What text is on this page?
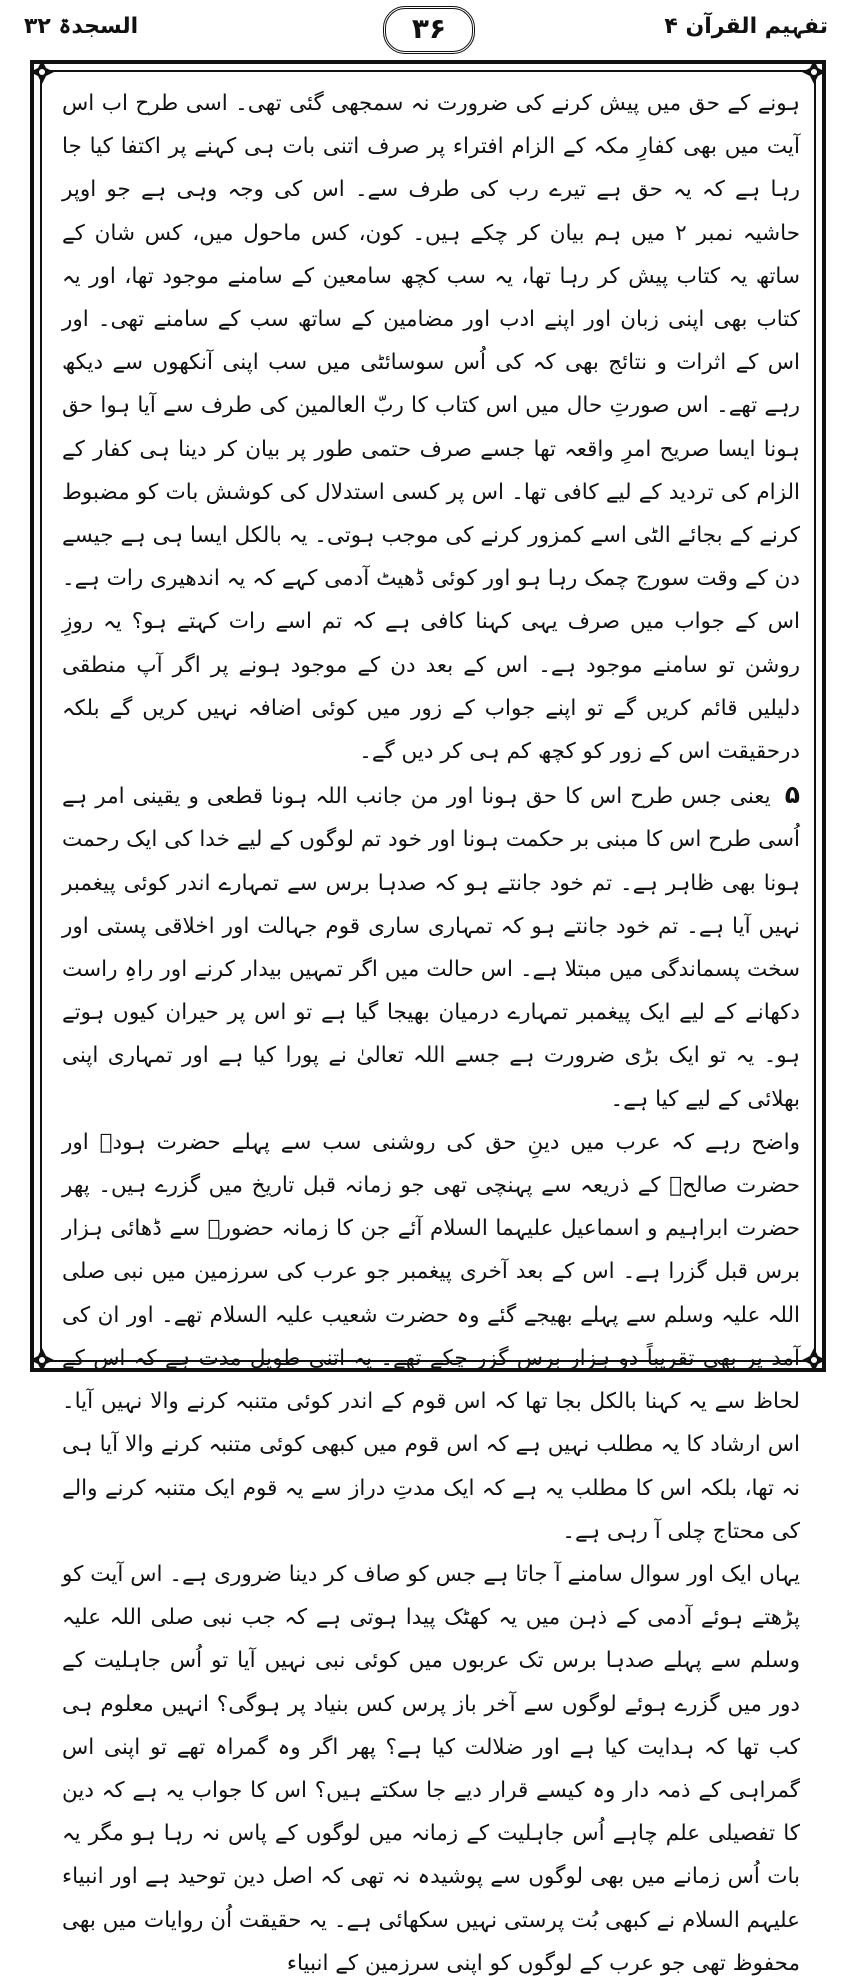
السجدۃ ۳۲	۳۶	تفہیم القرآن ۴

ہونے کے حق میں پیش کرنے کی ضرورت نہ سمجھی گئی تھی۔ اسی طرح اب اس آیت میں بھی کفارِ مکہ کے الزام افتراء پر صرف اتنی بات ہی کہنے پر اکتفا کیا جا رہا ہے کہ یہ حق ہے تیرے رب کی طرف سے۔ اس کی وجہ وہی ہے جو اوپر حاشیہ نمبر ۲ میں ہم بیان کر چکے ہیں۔ کون، کس ماحول میں، کس شان کے ساتھ یہ کتاب پیش کر رہا تھا، یہ سب کچھ سامعین کے سامنے موجود تھا، اور یہ کتاب بھی اپنی زبان اور اپنے ادب اور مضامین کے ساتھ سب کے سامنے تھی۔ اور اس کے اثرات و نتائج بھی کہ کی اُس سوسائٹی میں سب اپنی آنکھوں سے دیکھ رہے تھے۔ اس صورتِ حال میں اس کتاب کا ربّ العالمین کی طرف سے آیا ہوا حق ہونا ایسا صریح امرِ واقعہ تھا جسے صرف حتمی طور پر بیان کر دینا ہی کفار کے الزام کی تردید کے لیے کافی تھا۔ اس پر کسی استدلال کی کوشش بات کو مضبوط کرنے کے بجائے الٹی اسے کمزور کرنے کی موجب ہوتی۔ یہ بالکل ایسا ہی ہے جیسے دن کے وقت سورج چمک رہا ہو اور کوئی ڈھیٹ آدمی کہے کہ یہ اندھیری رات ہے۔ اس کے جواب میں صرف یہی کہنا کافی ہے کہ تم اسے رات کہتے ہو؟ یہ روزِ روشن تو سامنے موجود ہے۔ اس کے بعد دن کے موجود ہونے پر اگر آپ منطقی دلیلیں قائم کریں گے تو اپنے جواب کے زور میں کوئی اضافہ نہیں کریں گے بلکہ درحقیقت اس کے زور کو کچھ کم ہی کر دیں گے۔

۵ یعنی جس طرح اس کا حق ہونا اور من جانب اللہ ہونا قطعی و یقینی امر ہے اُسی طرح اس کا مبنی بر حکمت ہونا اور خود تم لوگوں کے لیے خدا کی ایک رحمت ہونا بھی ظاہر ہے۔ تم خود جانتے ہو کہ صدہا برس سے تمہارے اندر کوئی پیغمبر نہیں آیا ہے۔ تم خود جانتے ہو کہ تمہاری ساری قوم جہالت اور اخلاقی پستی اور سخت پسماندگی میں مبتلا ہے۔ اس حالت میں اگر تمہیں بیدار کرنے اور راہِ راست دکھانے کے لیے ایک پیغمبر تمہارے درمیان بھیجا گیا ہے تو اس پر حیران کیوں ہوتے ہو۔ یہ تو ایک بڑی ضرورت ہے جسے اللہ تعالیٰ نے پورا کیا ہے اور تمہاری اپنی بھلائی کے لیے کیا ہے۔

واضح رہے کہ عرب میں دینِ حق کی روشنی سب سے پہلے حضرت ہودؑ اور حضرت صالحؑ کے ذریعہ سے پہنچی تھی جو زمانہ قبل تاریخ میں گزرے ہیں۔ پھر حضرت ابراہیم و اسماعیل علیہما السلام آئے جن کا زمانہ حضورؐ سے ڈھائی ہزار برس قبل گزرا ہے۔ اس کے بعد آخری پیغمبر جو عرب کی سرزمین میں نبی صلی اللہ علیہ وسلم سے پہلے بھیجے گئے وہ حضرت شعیب علیہ السلام تھے۔ اور ان کی آمد پر بھی تقریباً دو ہزار برس گزر چکے تھے۔ یہ اتنی طویل مدت ہے کہ اس کے لحاظ سے یہ کہنا بالکل بجا تھا کہ اس قوم کے اندر کوئی متنبہ کرنے والا نہیں آیا۔ اس ارشاد کا یہ مطلب نہیں ہے کہ اس قوم میں کبھی کوئی متنبہ کرنے والا آیا ہی نہ تھا، بلکہ اس کا مطلب یہ ہے کہ ایک مدتِ دراز سے یہ قوم ایک متنبہ کرنے والے کی محتاج چلی آ رہی ہے۔

یہاں ایک اور سوال سامنے آ جاتا ہے جس کو صاف کر دینا ضروری ہے۔ اس آیت کو پڑھتے ہوئے آدمی کے ذہن میں یہ کھٹک پیدا ہوتی ہے کہ جب نبی صلی اللہ علیہ وسلم سے پہلے صدہا برس تک عربوں میں کوئی نبی نہیں آیا تو اُس جاہلیت کے دور میں گزرے ہوئے لوگوں سے آخر باز پرس کس بنیاد پر ہوگی؟ انہیں معلوم ہی کب تھا کہ ہدایت کیا ہے اور ضلالت کیا ہے؟ پھر اگر وہ گمراہ تھے تو اپنی اس گمراہی کے ذمہ دار وہ کیسے قرار دیے جا سکتے ہیں؟ اس کا جواب یہ ہے کہ دین کا تفصیلی علم چاہے اُس جاہلیت کے زمانہ میں لوگوں کے پاس نہ رہا ہو مگر یہ بات اُس زمانے میں بھی لوگوں سے پوشیدہ نہ تھی کہ اصل دین توحید ہے اور انبیاء علیہم السلام نے کبھی بُت پرستی نہیں سکھائی ہے۔ یہ حقیقت اُن روایات میں بھی محفوظ تھی جو عرب کے لوگوں کو اپنی سرزمین کے انبیاء
